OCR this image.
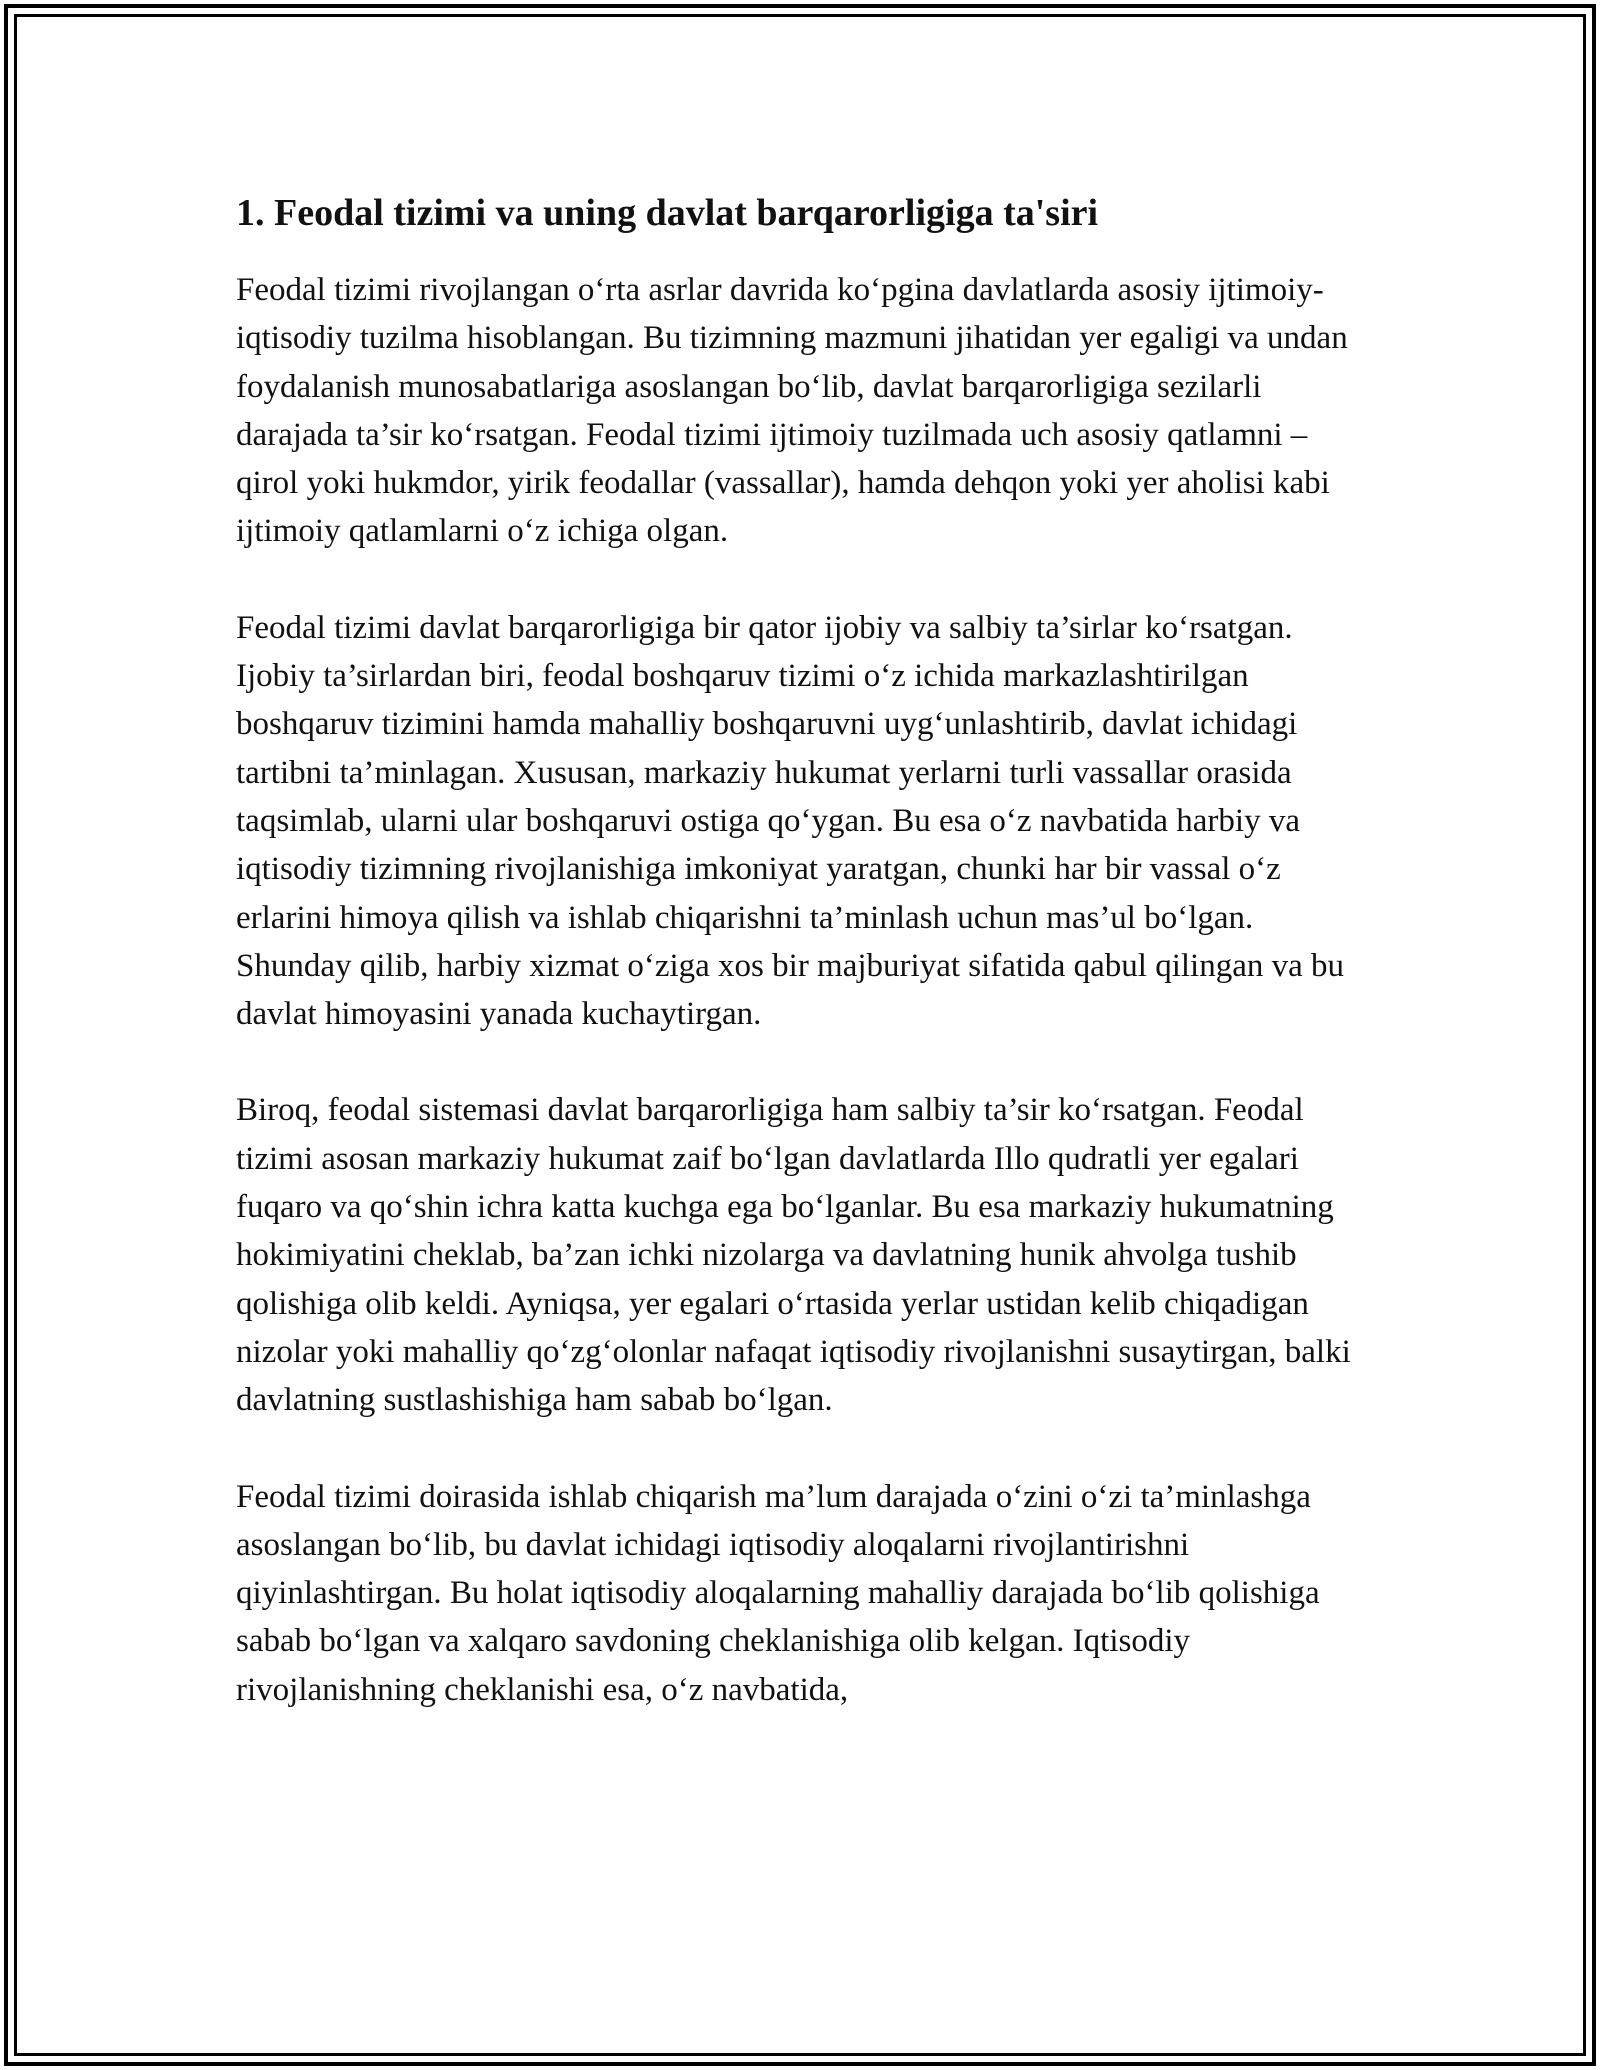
1. Feodal tizimi va uning davlat barqarorligiga ta'siri

Feodal tizimi rivojlangan o‘rta asrlar davrida ko‘pgina davlatlarda asosiy ijtimoiy-iqtisodiy tuzilma hisoblangan. Bu tizimning mazmuni jihatidan yer egaligi va undan foydalanish munosabatlariga asoslangan bo‘lib, davlat barqarorligiga sezilarli darajada ta’sir ko‘rsatgan. Feodal tizimi ijtimoiy tuzilmada uch asosiy qatlamni – qirol yoki hukmdor, yirik feodallar (vassallar), hamda dehqon yoki yer aholisi kabi ijtimoiy qatlamlarni o‘z ichiga olgan.

Feodal tizimi davlat barqarorligiga bir qator ijobiy va salbiy ta’sirlar ko‘rsatgan. Ijobiy ta’sirlardan biri, feodal boshqaruv tizimi o‘z ichida markazlashtirilgan boshqaruv tizimini hamda mahalliy boshqaruvni uyg‘unlashtirib, davlat ichidagi tartibni ta’minlagan. Xususan, markaziy hukumat yerlarni turli vassallar orasida taqsimlab, ularni ular boshqaruvi ostiga qo‘ygan. Bu esa o‘z navbatida harbiy va iqtisodiy tizimning rivojlanishiga imkoniyat yaratgan, chunki har bir vassal o‘z erlarini himoya qilish va ishlab chiqarishni ta’minlash uchun mas’ul bo‘lgan. Shunday qilib, harbiy xizmat o‘ziga xos bir majburiyat sifatida qabul qilingan va bu davlat himoyasini yanada kuchaytirgan.

Biroq, feodal sistemasi davlat barqarorligiga ham salbiy ta’sir ko‘rsatgan. Feodal tizimi asosan markaziy hukumat zaif bo‘lgan davlatlarda Illo qudratli yer egalari fuqaro va qo‘shin ichra katta kuchga ega bo‘lganlar. Bu esa markaziy hukumatning hokimiyatini cheklab, ba’zan ichki nizolarga va davlatning hunik ahvolga tushib qolishiga olib keldi. Ayniqsa, yer egalari o‘rtasida yerlar ustidan kelib chiqadigan nizolar yoki mahalliy qo‘zg‘olonlar nafaqat iqtisodiy rivojlanishni susaytirgan, balki davlatning sustlashishiga ham sabab bo‘lgan.

Feodal tizimi doirasida ishlab chiqarish ma’lum darajada o‘zini o‘zi ta’minlashga asoslangan bo‘lib, bu davlat ichidagi iqtisodiy aloqalarni rivojlantirishni qiyinlashtirgan. Bu holat iqtisodiy aloqalarning mahalliy darajada bo‘lib qolishiga sabab bo‘lgan va xalqaro savdoning cheklanishiga olib kelgan. Iqtisodiy rivojlanishning cheklanishi esa, o‘z navbatida,
